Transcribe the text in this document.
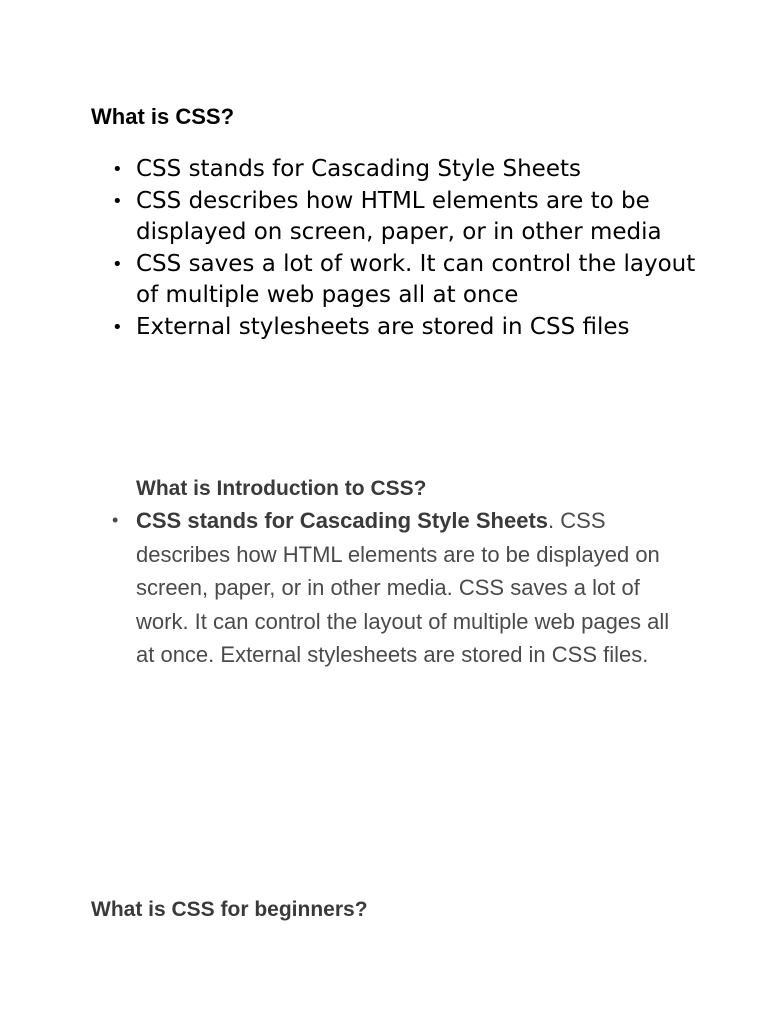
What is CSS?
• CSS stands for Cascading Style Sheets
• CSS describes how HTML elements are to be displayed on screen, paper, or in other media
• CSS saves a lot of work. It can control the layout of multiple web pages all at once
• External stylesheets are stored in CSS files
What is Introduction to CSS?
• CSS stands for Cascading Style Sheets. CSS describes how HTML elements are to be displayed on screen, paper, or in other media. CSS saves a lot of work. It can control the layout of multiple web pages all at once. External stylesheets are stored in CSS files.
What is CSS for beginners?
